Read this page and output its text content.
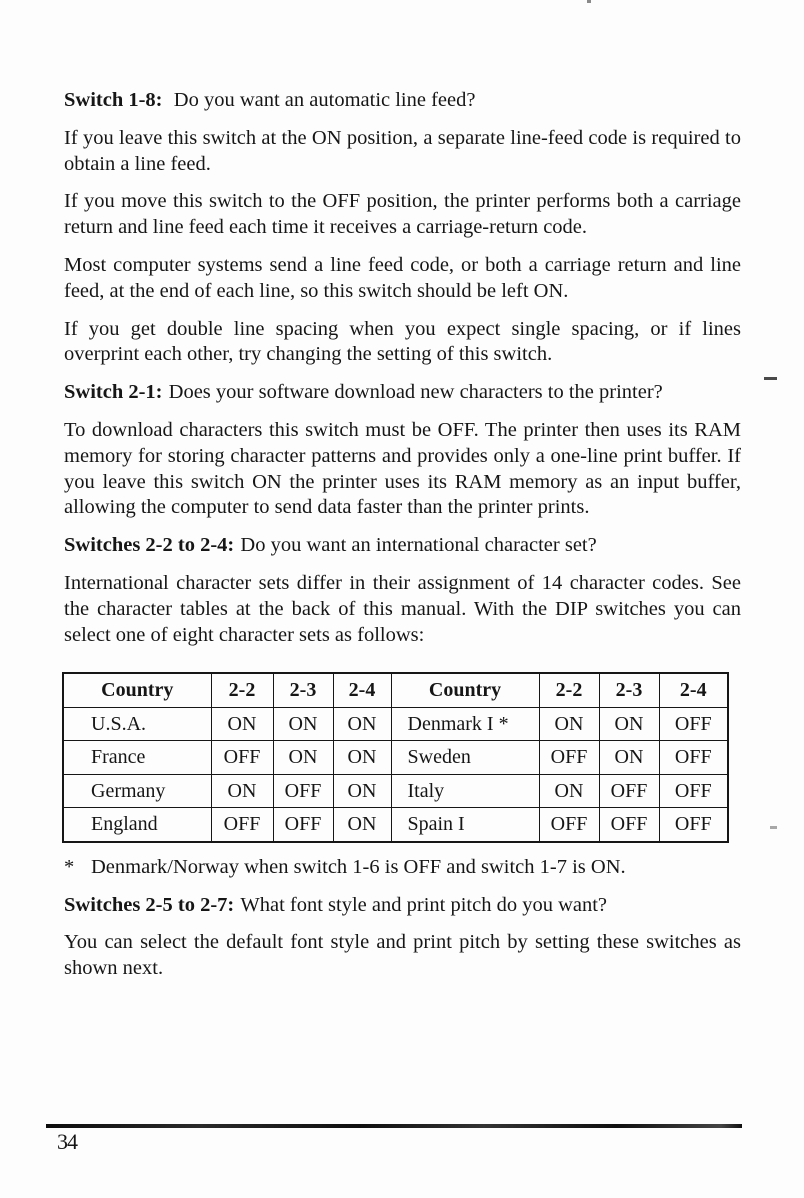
Switch 1-8: Do you want an automatic line feed?

If you leave this switch at the ON position, a separate line-feed code is required to obtain a line feed.

If you move this switch to the OFF position, the printer performs both a carriage return and line feed each time it receives a carriage-return code.

Most computer systems send a line feed code, or both a carriage return and line feed, at the end of each line, so this switch should be left ON.

If you get double line spacing when you expect single spacing, or if lines overprint each other, try changing the setting of this switch.

Switch 2-1: Does your software download new characters to the printer?

To download characters this switch must be OFF. The printer then uses its RAM memory for storing character patterns and provides only a one-line print buffer. If you leave this switch ON the printer uses its RAM memory as an input buffer, allowing the computer to send data faster than the printer prints.

Switches 2-2 to 2-4: Do you want an international character set?

International character sets differ in their assignment of 14 character codes. See the character tables at the back of this manual. With the DIP switches you can select one of eight character sets as follows:

Country	2-2	2-3	2-4	Country	2-2	2-3	2-4
U.S.A.	ON	ON	ON	Denmark I *	ON	ON	OFF
France	OFF	ON	ON	Sweden	OFF	ON	OFF
Germany	ON	OFF	ON	Italy	ON	OFF	OFF
England	OFF	OFF	ON	Spain I	OFF	OFF	OFF

* Denmark/Norway when switch 1-6 is OFF and switch 1-7 is ON.

Switches 2-5 to 2-7: What font style and print pitch do you want?

You can select the default font style and print pitch by setting these switches as shown next.

34
